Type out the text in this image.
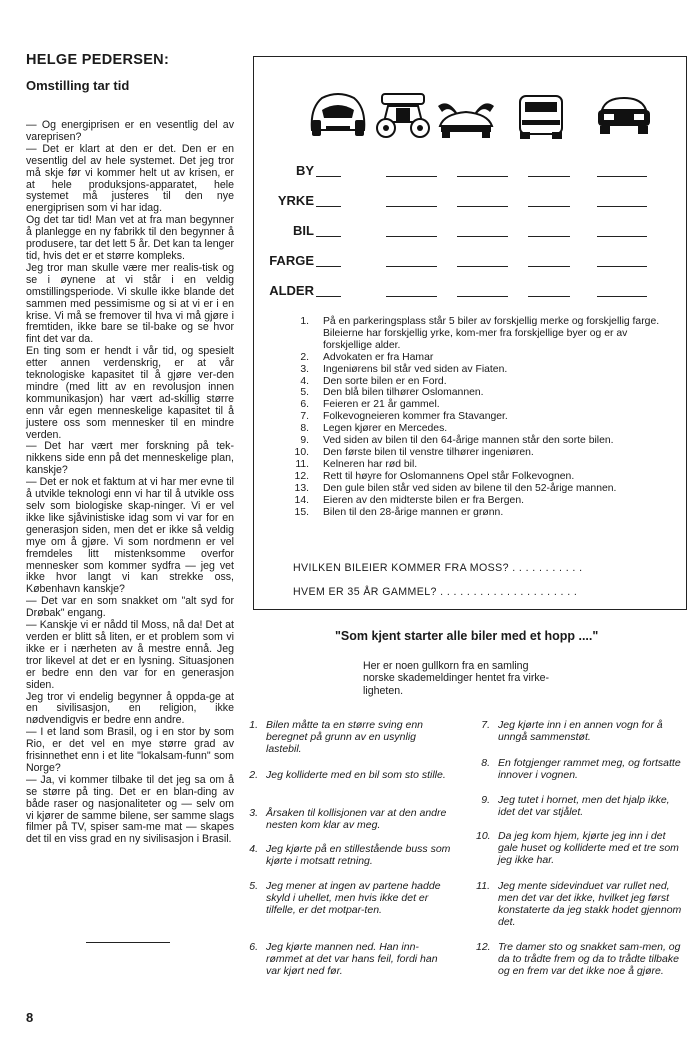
HELGE PEDERSEN:
Omstilling tar tid

— Og energiprisen er en vesentlig del av vareprisen?

— Det er klart at den er det. Den er en vesentlig del av hele systemet. Det jeg tror må skje før vi kommer helt ut av krisen, er at hele produksjons-apparatet, hele systemet må justeres til den nye energiprisen som vi har idag.

Og det tar tid! Man vet at fra man begynner å planlegge en ny fabrikk til den begynner å produsere, tar det lett 5 år. Det kan ta lenger tid, hvis det er et større kompleks.

Jeg tror man skulle være mer realis-tisk og se i øynene at vi står i en veldig omstillingsperiode. Vi skulle ikke blande det sammen med pessimisme og si at vi er i en krise. Vi må se fremover til hva vi må gjøre i fremtiden, ikke bare se til-bake og se hvor fint det var da.

En ting som er hendt i vår tid, og spesielt etter annen verdenskrig, er at vår teknologiske kapasitet til å gjøre ver-den mindre (med litt av en revolusjon innen kommunikasjon) har vært ad-skillig større enn vår egen menneskelige kapasitet til å justere oss som mennesker til en mindre verden.

— Det har vært mer forskning på tek-nikkens side enn på det menneskelige plan, kanskje?

— Det er nok et faktum at vi har mer evne til å utvikle teknologi enn vi har til å utvikle oss selv som biologiske skap-ninger. Vi er vel ikke like sjåvinistiske idag som vi var for en generasjon siden, men det er ikke så veldig mye om å gjøre. Vi som nordmenn er vel fremdeles litt mistenksomme overfor mennesker som kommer sydfra — jeg vet ikke hvor langt vi kan strekke oss, København kanskje?

— Det var en som snakket om "alt syd for Drøbak" engang.

— Kanskje vi er nådd til Moss, nå da! Det at verden er blitt så liten, er et problem som vi ikke er i nærheten av å mestre ennå. Jeg tror likevel at det er en lysning. Situasjonen er bedre enn den var for en generasjon siden.

Jeg tror vi endelig begynner å oppda-ge at en sivilisasjon, en religion, ikke nødvendigvis er bedre enn andre.

— I et land som Brasil, og i en stor by som Rio, er det vel en mye større grad av frisinnethet enn i et lite "lokalsam-funn" som Norge?

— Ja, vi kommer tilbake til det jeg sa om å se større på ting. Det er en blan-ding av både raser og nasjonaliteter og — selv om vi kjører de samme bilene, ser samme slags filmer på TV, spiser sam-me mat — skapes det til en viss grad en ny sivilisasjon i Brasil.

8
BY
YRKE
BIL
FARGE
ALDER
1. På en parkeringsplass står 5 biler av forskjellig merke og forskjellig farge. Bileierne har forskjellig yrke, kom-mer fra forskjellige byer og er av forskjellige alder.
2. Advokaten er fra Hamar
3. Ingeniørens bil står ved siden av Fiaten.
4. Den sorte bilen er en Ford.
5. Den blå bilen tilhører Oslomannen.
6. Feieren er 21 år gammel.
7. Folkevogneieren kommer fra Stavanger.
8. Legen kjører en Mercedes.
9. Ved siden av bilen til den 64-årige mannen står den sorte bilen.
10. Den første bilen til venstre tilhører ingeniøren.
11. Kelneren har rød bil.
12. Rett til høyre for Oslomannens Opel står Folkevognen.
13. Den gule bilen står ved siden av bilene til den 52-årige mannen.
14. Eieren av den midterste bilen er fra Bergen.
15. Bilen til den 28-årige mannen er grønn.
HVILKEN BILEIER KOMMER FRA MOSS? . . . . . . . . . . .
HVEM ER 35 ÅR GAMMEL? . . . . . . . . . . . . . . . . . . . . .
"Som kjent starter alle biler med et hopp ...."
Her er noen gullkorn fra en samling norske skademeldinger hentet fra virke-ligheten.
1. Bilen måtte ta en større sving enn beregnet på grunn av en usynlig lastebil.
2. Jeg kolliderte med en bil som sto stille.
3. Årsaken til kollisjonen var at den andre nesten kom klar av meg.
4. Jeg kjørte på en stillestående buss som kjørte i motsatt retning.
5. Jeg mener at ingen av partene hadde skyld i uhellet, men hvis ikke det er tilfelle, er det motpar-ten.
6. Jeg kjørte mannen ned. Han inn-rømmet at det var hans feil, fordi han var kjørt ned før.
7. Jeg kjørte inn i en annen vogn for å unngå sammenstøt.
8. En fotgjenger rammet meg, og fortsatte innover i vognen.
9. Jeg tutet i hornet, men det hjalp ikke, idet det var stjålet.
10. Da jeg kom hjem, kjørte jeg inn i det gale huset og kolliderte med et tre som jeg ikke har.
11. Jeg mente sidevinduet var rullet ned, men det var det ikke, hvilket jeg først konstaterte da jeg stakk hodet gjennom det.
12. Tre damer sto og snakket sam-men, og da to trådte frem og da to trådte tilbake og en frem var det ikke noe å gjøre.
